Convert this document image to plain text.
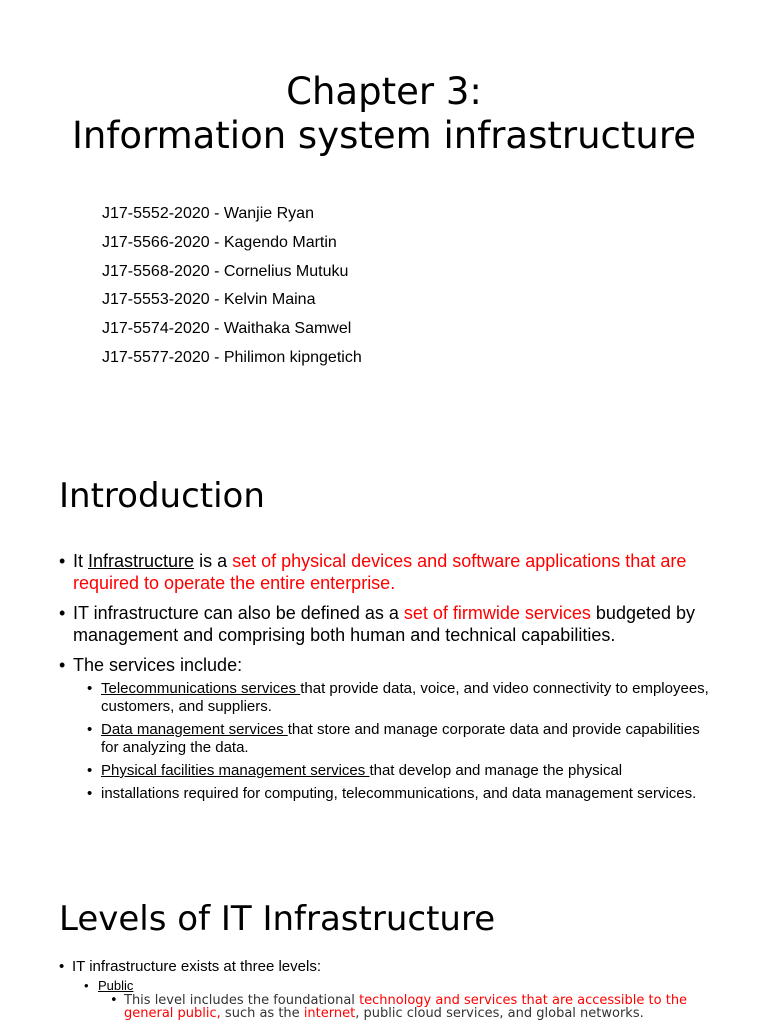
Chapter 3:
Information system infrastructure
J17-5552-2020 - Wanjie Ryan
J17-5566-2020 - Kagendo Martin
J17-5568-2020 - Cornelius Mutuku
J17-5553-2020 - Kelvin Maina
J17-5574-2020 - Waithaka Samwel
J17-5577-2020 - Philimon kipngetich
Introduction
• It Infrastructure is a set of physical devices and software applications that are required to operate the entire enterprise.
• IT infrastructure can also be defined as a set of firmwide services budgeted by management and comprising both human and technical capabilities.
• The services include:
• Telecommunications services that provide data, voice, and video connectivity to employees, customers, and suppliers.
• Data management services that store and manage corporate data and provide capabilities for analyzing the data.
• Physical facilities management services that develop and manage the physical
• installations required for computing, telecommunications, and data management services.
Levels of IT Infrastructure
• IT infrastructure exists at three levels:
• Public
• This level includes the foundational technology and services that are accessible to the general public, such as the internet, public cloud services, and global networks.
